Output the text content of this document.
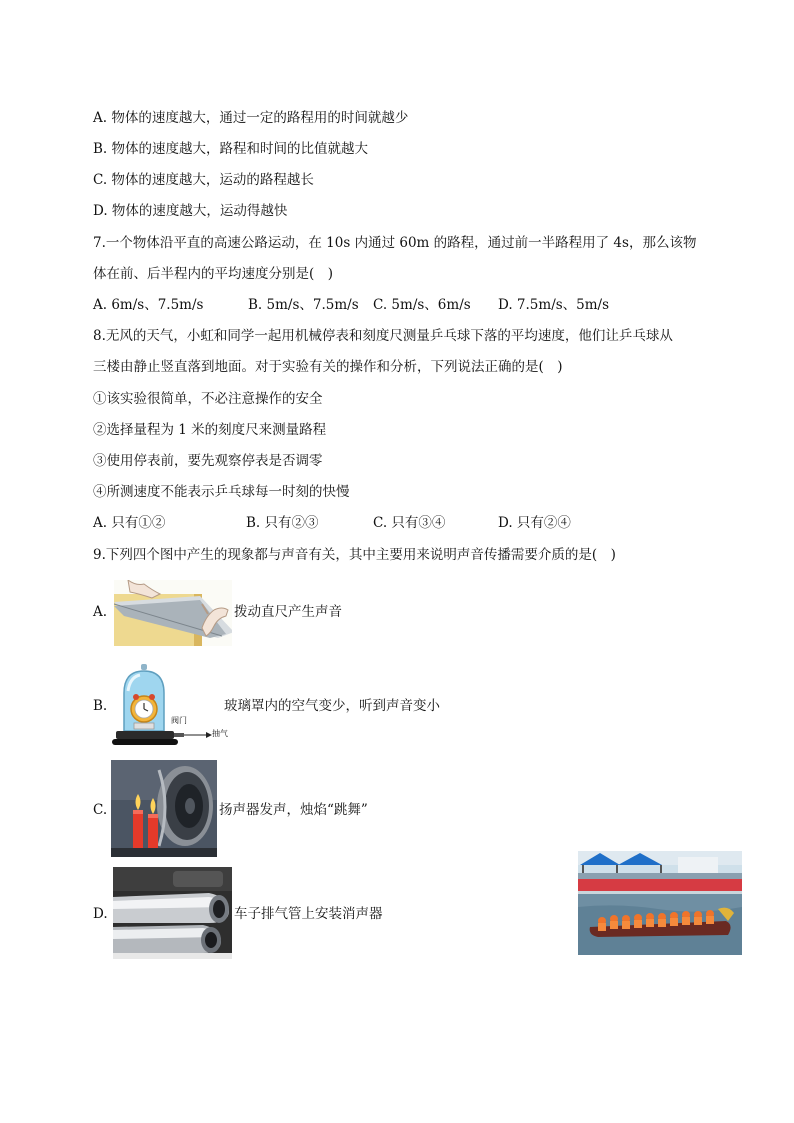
A. 物体的速度越大，通过一定的路程用的时间就越少
B. 物体的速度越大，路程和时间的比值就越大
C. 物体的速度越大，运动的路程越长
D. 物体的速度越大，运动得越快
7.一个物体沿平直的高速公路运动，在 10s 内通过 60m 的路程，通过前一半路程用了 4s，那么该物
体在前、后半程内的平均速度分别是(　)
A. 6m/s、7.5m/s	B. 5m/s、7.5m/s C. 5m/s、6m/s D. 7.5m/s、5m/s
8.无风的天气，小虹和同学一起用机械停表和刻度尺测量乒乓球下落的平均速度，他们让乒乓球从
三楼由静止竖直落到地面。对于实验有关的操作和分析，下列说法正确的是(　)
①该实验很简单，不必注意操作的安全
②选择量程为 1 米的刻度尺来测量路程
③使用停表前，要先观察停表是否调零
④所测速度不能表示乒乓球每一时刻的快慢
A. 只有①②	B. 只有②③	C. 只有③④	D. 只有②④
9.下列四个图中产生的现象都与声音有关，其中主要用来说明声音传播需要介质的是(　)
A.	拨动直尺产生声音
B.
阀门
抽气
玻璃罩内的空气变少，听到声音变小
C.	扬声器发声，烛焰“跳舞”
D.	车子排气管上安装消声器
